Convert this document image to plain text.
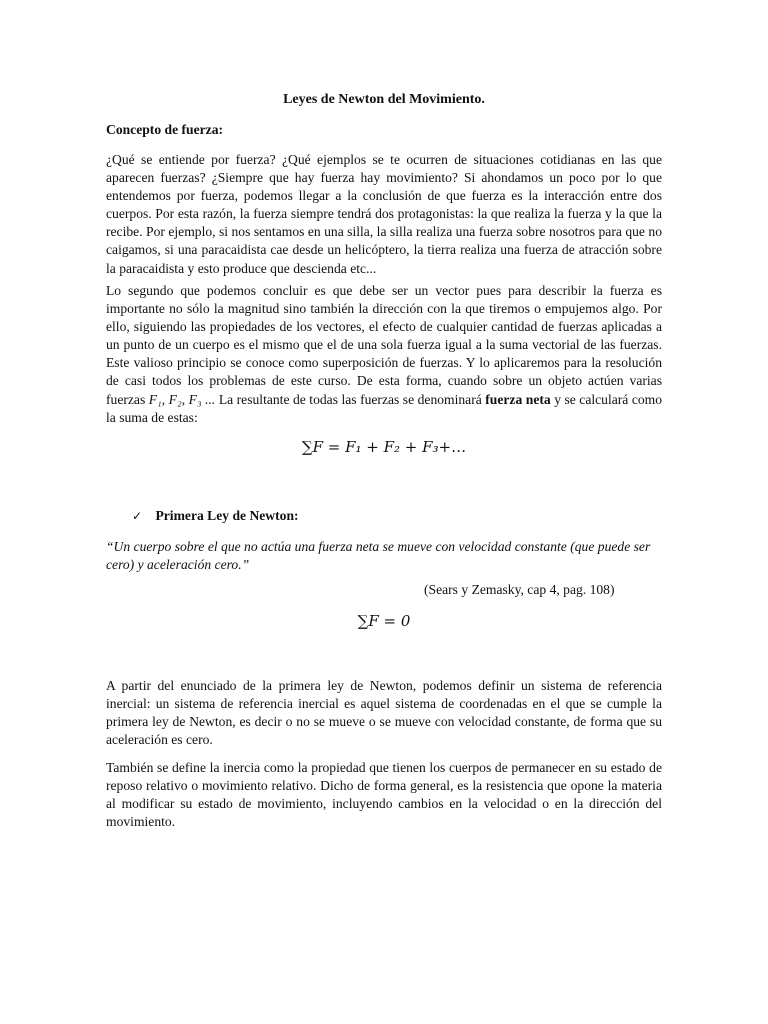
Leyes de Newton del Movimiento.
Concepto de fuerza:
¿Qué se entiende por fuerza? ¿Qué ejemplos se te ocurren de situaciones cotidianas en las que aparecen fuerzas? ¿Siempre que hay fuerza hay movimiento? Si ahondamos un poco por lo que entendemos por fuerza, podemos llegar a la conclusión de que fuerza es la interacción entre dos cuerpos. Por esta razón, la fuerza siempre tendrá dos protagonistas: la que realiza la fuerza y la que la recibe. Por ejemplo, si nos sentamos en una silla, la silla realiza una fuerza sobre nosotros para que no caigamos, si una paracaidista cae desde un helicóptero, la tierra realiza una fuerza de atracción sobre la paracaidista y esto produce que descienda etc...
Lo segundo que podemos concluir es que debe ser un vector pues para describir la fuerza es importante no sólo la magnitud sino también la dirección con la que tiremos o empujemos algo. Por ello, siguiendo las propiedades de los vectores, el efecto de cualquier cantidad de fuerzas aplicadas a un punto de un cuerpo es el mismo que el de una sola fuerza igual a la suma vectorial de las fuerzas. Este valioso principio se conoce como superposición de fuerzas. Y lo aplicaremos para la resolución de casi todos los problemas de este curso. De esta forma, cuando sobre un objeto actúen varias fuerzas F₁, F₂, F₃ ... La resultante de todas las fuerzas se denominará fuerza neta y se calculará como la suma de estas:
∑F = F₁ + F₂ + F₃+…
✓ Primera Ley de Newton:
“Un cuerpo sobre el que no actúa una fuerza neta se mueve con velocidad constante (que puede ser cero) y aceleración cero.”
(Sears y Zemasky, cap 4, pag. 108)
∑F = 0
A partir del enunciado de la primera ley de Newton, podemos definir un sistema de referencia inercial: un sistema de referencia inercial es aquel sistema de coordenadas en el que se cumple la primera ley de Newton, es decir o no se mueve o se mueve con velocidad constante, de forma que su aceleración es cero.
También se define la inercia como la propiedad que tienen los cuerpos de permanecer en su estado de reposo relativo o movimiento relativo. Dicho de forma general, es la resistencia que opone la materia al modificar su estado de movimiento, incluyendo cambios en la velocidad o en la dirección del movimiento.
